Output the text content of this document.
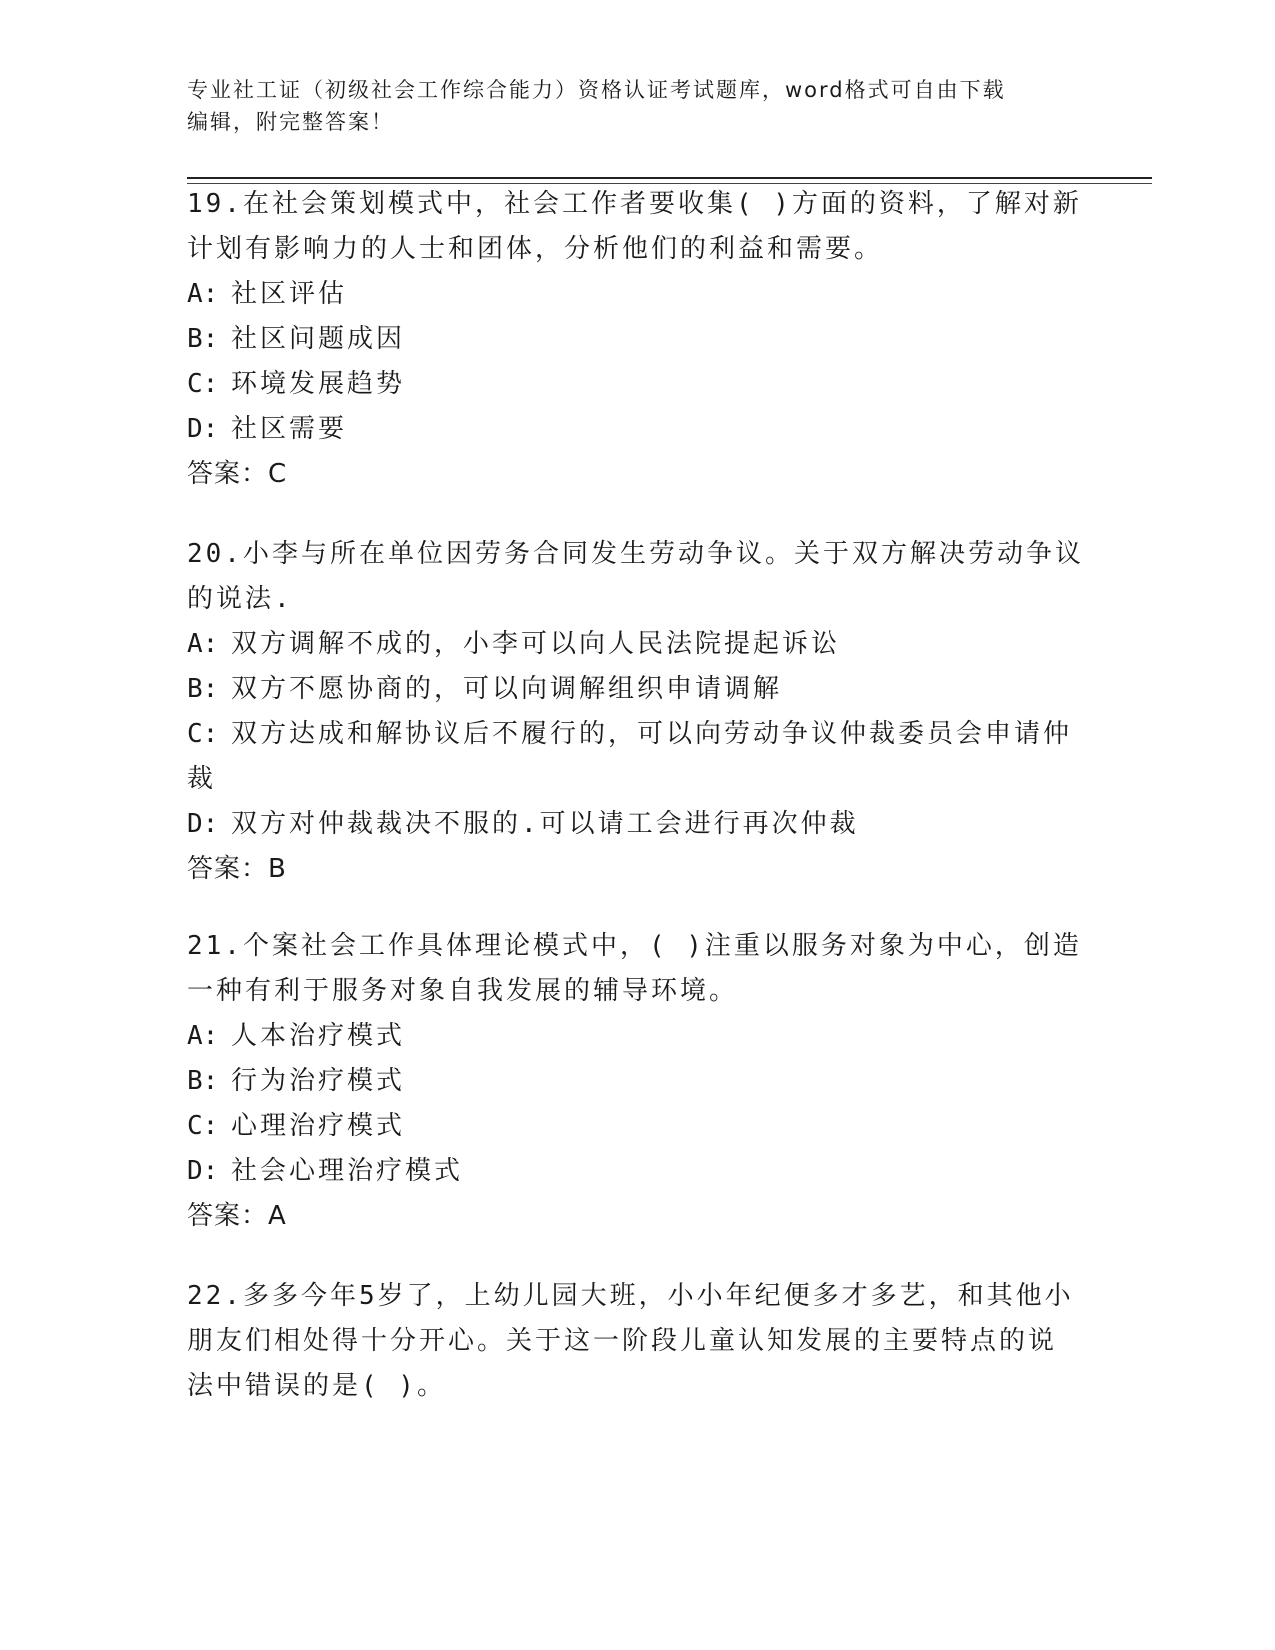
专业社工证（初级社会工作综合能力）资格认证考试题库，word格式可自由下载
编辑，附完整答案！
19.在社会策划模式中，社会工作者要收集( )方面的资料，了解对新
计划有影响力的人士和团体，分析他们的利益和需要。
A: 社区评估
B: 社区问题成因
C: 环境发展趋势
D: 社区需要
答案：C
20.小李与所在单位因劳务合同发生劳动争议。关于双方解决劳动争议
的说法.
A: 双方调解不成的，小李可以向人民法院提起诉讼
B: 双方不愿协商的，可以向调解组织申请调解
C: 双方达成和解协议后不履行的，可以向劳动争议仲裁委员会申请仲
裁
D: 双方对仲裁裁决不服的.可以请工会进行再次仲裁
答案：B
21.个案社会工作具体理论模式中，( )注重以服务对象为中心，创造
一种有利于服务对象自我发展的辅导环境。
A: 人本治疗模式
B: 行为治疗模式
C: 心理治疗模式
D: 社会心理治疗模式
答案：A
22.多多今年5岁了，上幼儿园大班，小小年纪便多才多艺，和其他小
朋友们相处得十分开心。关于这一阶段儿童认知发展的主要特点的说
法中错误的是( )。
